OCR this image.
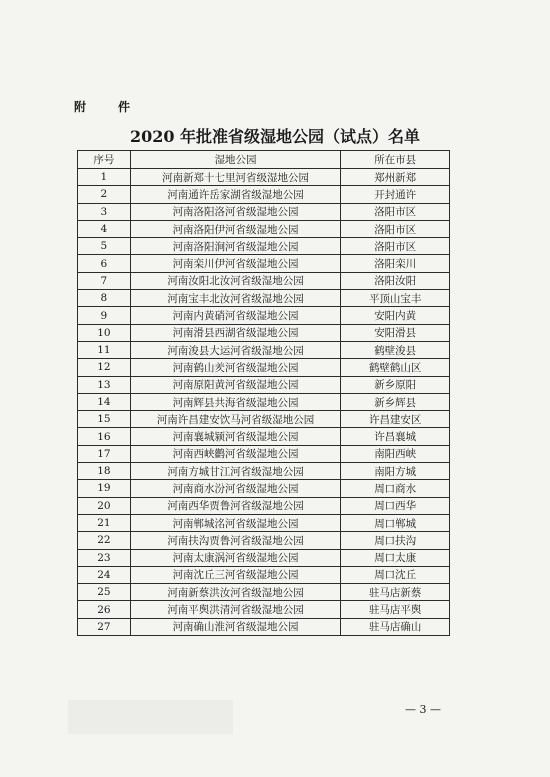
附　件
2020 年批准省级湿地公园（试点）名单
序号	湿地公园	所在市县
1	河南新郑十七里河省级湿地公园	郑州新郑
2	河南通许岳家湖省级湿地公园	开封通许
3	河南洛阳洛河省级湿地公园	洛阳市区
4	河南洛阳伊河省级湿地公园	洛阳市区
5	河南洛阳涧河省级湿地公园	洛阳市区
6	河南栾川伊河省级湿地公园	洛阳栾川
7	河南汝阳北汝河省级湿地公园	洛阳汝阳
8	河南宝丰北汝河省级湿地公园	平顶山宝丰
9	河南内黄硝河省级湿地公园	安阳内黄
10	河南滑县西湖省级湿地公园	安阳滑县
11	河南浚县大运河省级湿地公园	鹤壁浚县
12	河南鹤山羑河省级湿地公园	鹤壁鹤山区
13	河南原阳黄河省级湿地公园	新乡原阳
14	河南辉县共海省级湿地公园	新乡辉县
15	河南许昌建安饮马河省级湿地公园	许昌建安区
16	河南襄城颍河省级湿地公园	许昌襄城
17	河南西峡鹳河省级湿地公园	南阳西峡
18	河南方城甘江河省级湿地公园	南阳方城
19	河南商水汾河省级湿地公园	周口商水
20	河南西华贾鲁河省级湿地公园	周口西华
21	河南郸城洺河省级湿地公园	周口郸城
22	河南扶沟贾鲁河省级湿地公园	周口扶沟
23	河南太康涡河省级湿地公园	周口太康
24	河南沈丘三河省级湿地公园	周口沈丘
25	河南新蔡洪汝河省级湿地公园	驻马店新蔡
26	河南平舆洪清河省级湿地公园	驻马店平舆
27	河南确山淮河省级湿地公园	驻马店确山
— 3 —
